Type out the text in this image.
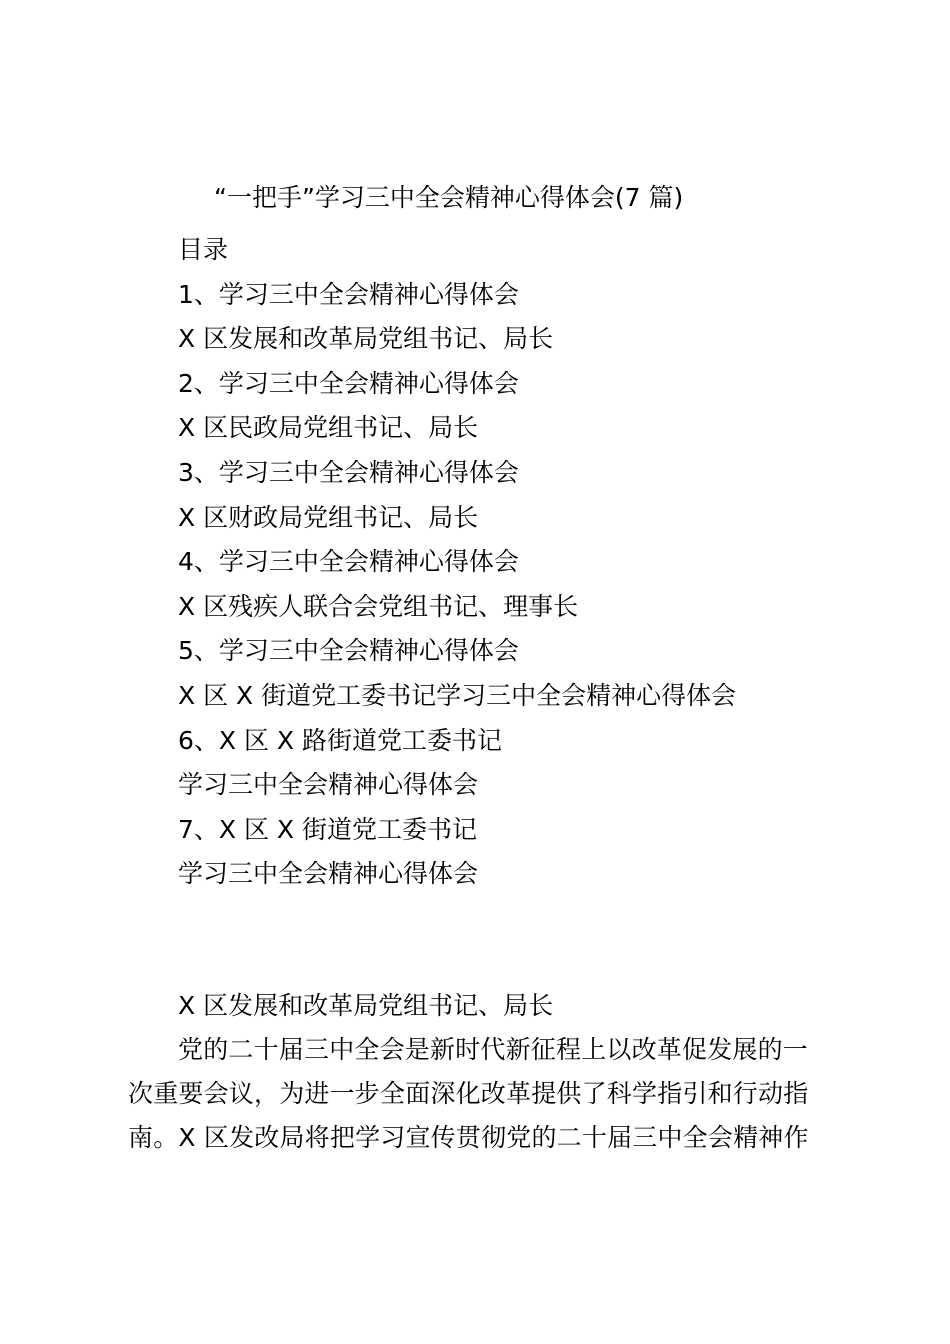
“一把手”学习三中全会精神心得体会(7 篇)
目录
1、学习三中全会精神心得体会
X 区发展和改革局党组书记、局长
2、学习三中全会精神心得体会
X 区民政局党组书记、局长
3、学习三中全会精神心得体会
X 区财政局党组书记、局长
4、学习三中全会精神心得体会
X 区残疾人联合会党组书记、理事长
5、学习三中全会精神心得体会
X 区 X 街道党工委书记学习三中全会精神心得体会
6、X 区 X 路街道党工委书记
学习三中全会精神心得体会
7、X 区 X 街道党工委书记
学习三中全会精神心得体会
X 区发展和改革局党组书记、局长
党的二十届三中全会是新时代新征程上以改革促发展的一次重要会议，为进一步全面深化改革提供了科学指引和行动指南。X 区发改局将把学习宣传贯彻党的二十届三中全会精神作
